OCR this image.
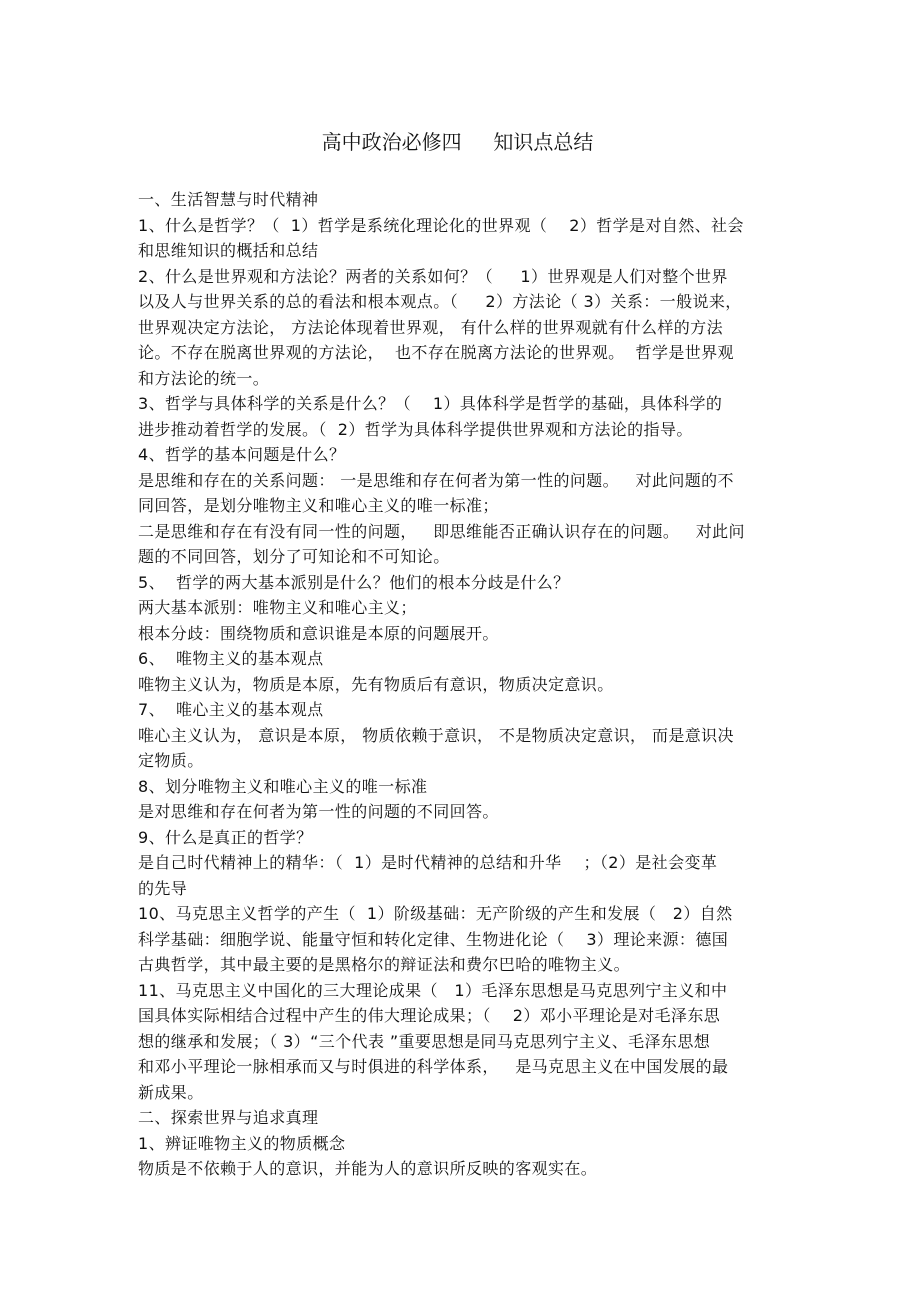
高中政治必修四     知识点总结
一、生活智慧与时代精神
1、什么是哲学？（  1）哲学是系统化理论化的世界观（    2）哲学是对自然、社会
和思维知识的概括和总结
2、什么是世界观和方法论？两者的关系如何？（     1）世界观是人们对整个世界
以及人与世界关系的总的看法和根本观点。（     2）方法论（ 3）关系：一般说来，
世界观决定方法论， 方法论体现着世界观， 有什么样的世界观就有什么样的方法
论。不存在脱离世界观的方法论，  也不存在脱离方法论的世界观。  哲学是世界观
和方法论的统一。
3、哲学与具体科学的关系是什么？（    1）具体科学是哲学的基础，具体科学的
进步推动着哲学的发展。（  2）哲学为具体科学提供世界观和方法论的指导。
4、哲学的基本问题是什么？
是思维和存在的关系问题： 一是思维和存在何者为第一性的问题。   对此问题的不
同回答，是划分唯物主义和唯心主义的唯一标准；
二是思维和存在有没有同一性的问题，   即思维能否正确认识存在的问题。   对此问
题的不同回答，划分了可知论和不可知论。
5、  哲学的两大基本派别是什么？他们的根本分歧是什么？
两大基本派别：唯物主义和唯心主义；
根本分歧：围绕物质和意识谁是本原的问题展开。
6、  唯物主义的基本观点
唯物主义认为，物质是本原，先有物质后有意识，物质决定意识。
7、  唯心主义的基本观点
唯心主义认为， 意识是本原， 物质依赖于意识， 不是物质决定意识， 而是意识决
定物质。
8、划分唯物主义和唯心主义的唯一标准
是对思维和存在何者为第一性的问题的不同回答。
9、什么是真正的哲学？
是自己时代精神上的精华：（  1）是时代精神的总结和升华    ；（2）是社会变革
的先导
10、马克思主义哲学的产生（  1）阶级基础：无产阶级的产生和发展（   2）自然
科学基础：细胞学说、能量守恒和转化定律、生物进化论（    3）理论来源：德国
古典哲学，其中最主要的是黑格尔的辩证法和费尔巴哈的唯物主义。
11、马克思主义中国化的三大理论成果（   1）毛泽东思想是马克思列宁主义和中
国具体实际相结合过程中产生的伟大理论成果；（    2）邓小平理论是对毛泽东思
想的继承和发展；（ 3）“三个代表 ”重要思想是同马克思列宁主义、毛泽东思想
和邓小平理论一脉相承而又与时俱进的科学体系，   是马克思主义在中国发展的最
新成果。
二、探索世界与追求真理
1、辨证唯物主义的物质概念
物质是不依赖于人的意识，并能为人的意识所反映的客观实在。
